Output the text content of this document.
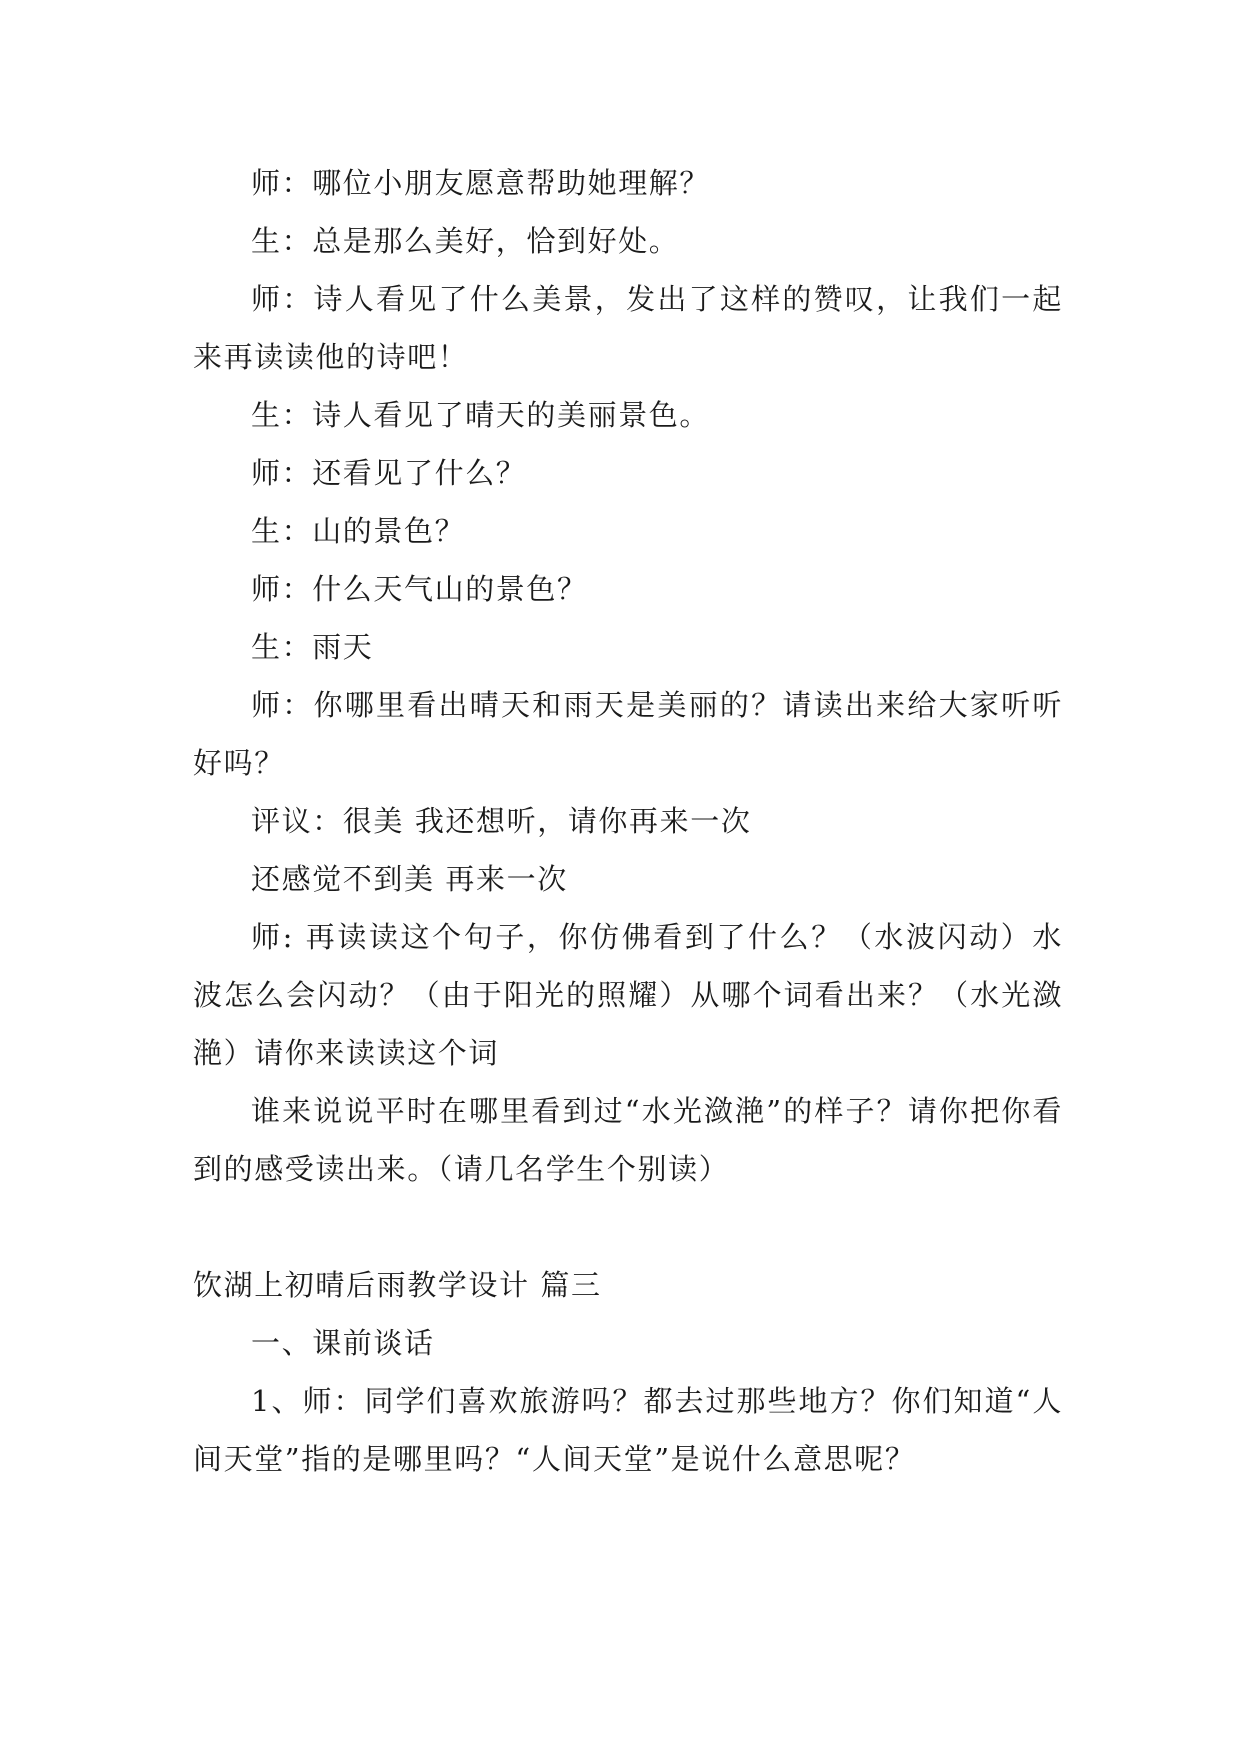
师：哪位小朋友愿意帮助她理解？

生：总是那么美好，恰到好处。

师：诗人看见了什么美景，发出了这样的赞叹，让我们一起来再读读他的诗吧！

生：诗人看见了晴天的美丽景色。

师：还看见了什么？

生：山的景色？

师：什么天气山的景色？

生：雨天

师：你哪里看出晴天和雨天是美丽的？请读出来给大家听听好吗？

评议：很美 我还想听，请你再来一次

还感觉不到美 再来一次

师: 再读读这个句子，你仿佛看到了什么？（水波闪动）水波怎么会闪动？（由于阳光的照耀）从哪个词看出来？（水光潋滟）请你来读读这个词

谁来说说平时在哪里看到过“水光潋滟”的样子？请你把你看到的感受读出来。（请几名学生个别读）

饮湖上初晴后雨教学设计 篇三

一、课前谈话

1、师：同学们喜欢旅游吗？都去过那些地方？你们知道“人间天堂”指的是哪里吗？“人间天堂”是说什么意思呢？
